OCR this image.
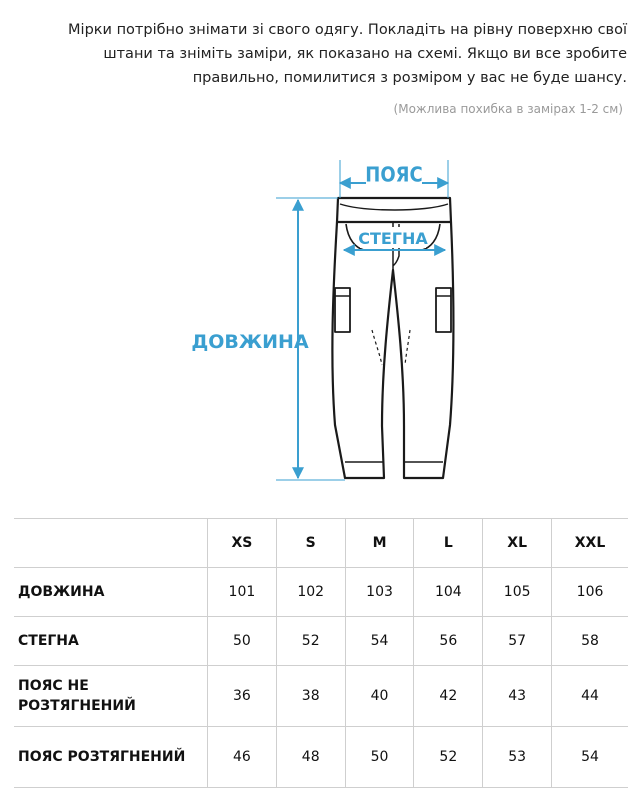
Мірки потрібно знімати зі свого одягу. Покладіть на рівну поверхню свої штани та зніміть заміри, як показано на схемі. Якщо ви все зробите правильно, помилитися з розміром у вас не буде шансу.
(Можлива похибка в замірах 1-2 см)
ПОЯС
СТЕГНА
ДОВЖИНА
	XS	S	M	L	XL	XXL
ДОВЖИНА	101	102	103	104	105	106
СТЕГНА	50	52	54	56	57	58
ПОЯС НЕ РОЗТЯГНЕНИЙ	36	38	40	42	43	44
ПОЯС РОЗТЯГНЕНИЙ	46	48	50	52	53	54
